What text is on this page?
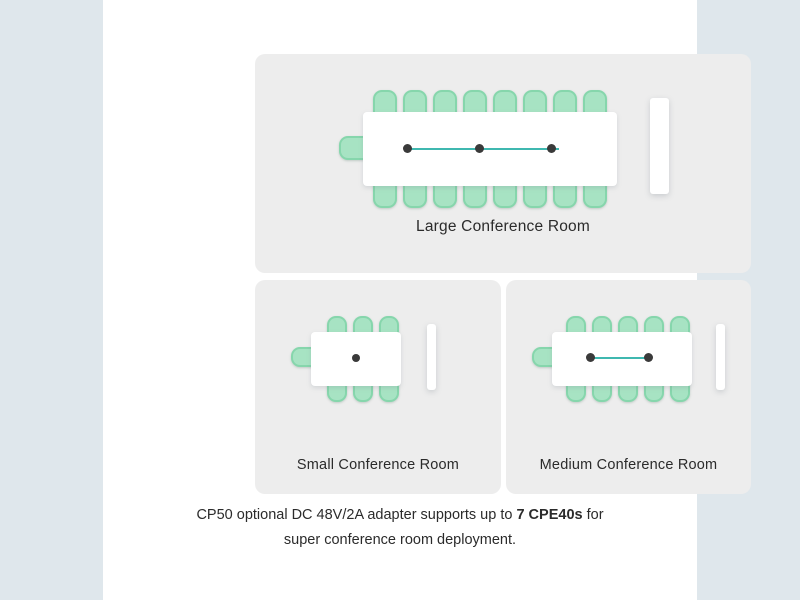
Large Conference Room
Small Conference Room	Medium Conference Room
CP50 optional DC 48V/2A adapter supports up to 7 CPE40s for
super conference room deployment.
